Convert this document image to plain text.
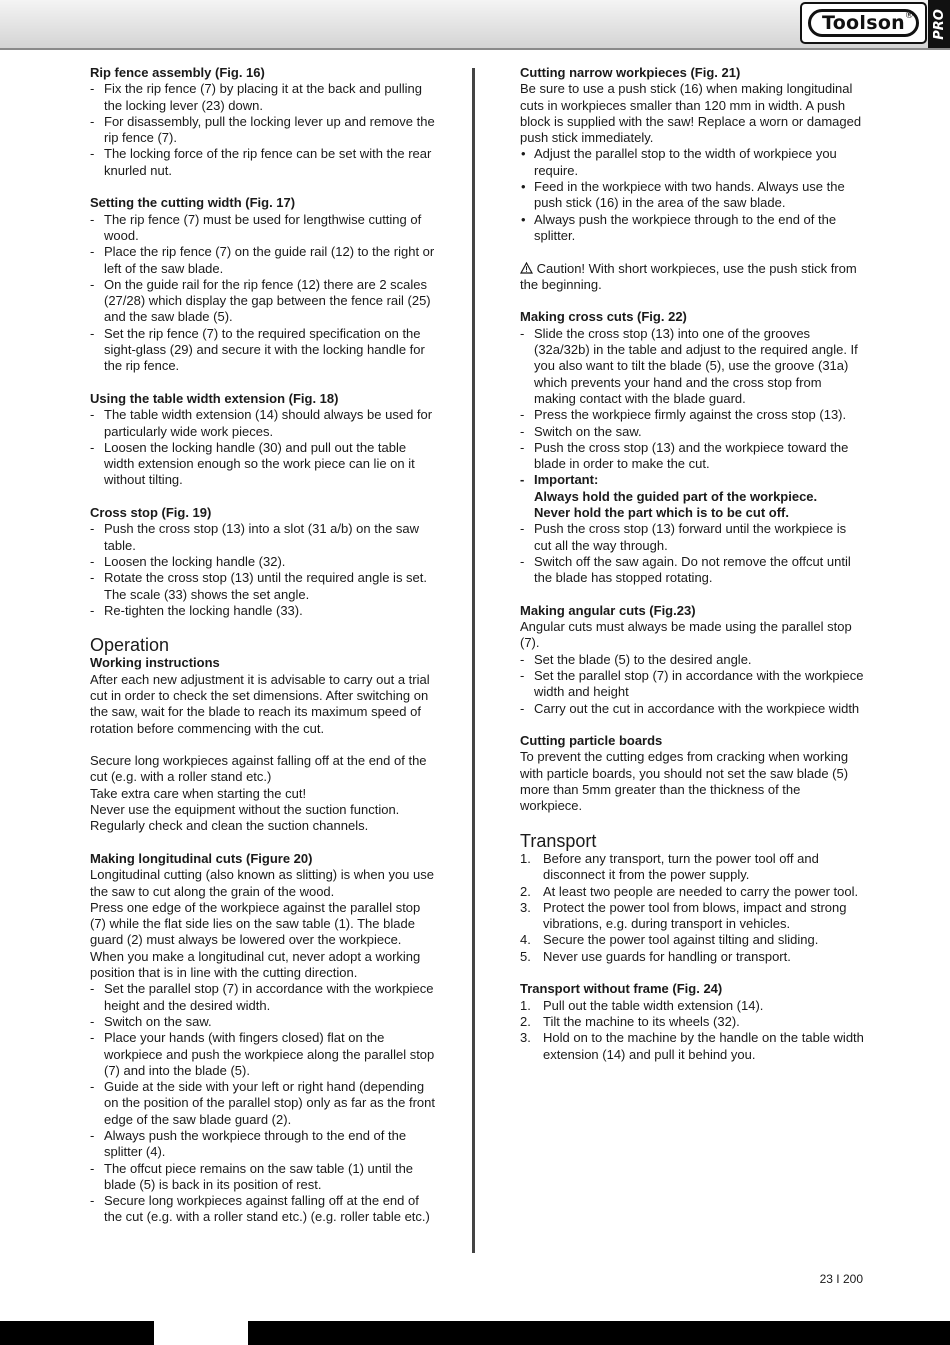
Toolson ® PRO
Rip fence assembly (Fig. 16)
- Fix the rip fence (7) by placing it at the back and pulling the locking lever (23) down.
- For disassembly, pull the locking lever up and remove the rip fence (7).
- The locking force of the rip fence can be set with the rear knurled nut.
Setting the cutting width (Fig. 17)
- The rip fence (7) must be used for lengthwise cutting of wood.
- Place the rip fence (7) on the guide rail (12) to the right or left of the saw blade.
- On the guide rail for the rip fence (12) there are 2 scales (27/28) which display the gap between the fence rail (25) and the saw blade (5).
- Set the rip fence (7) to the required specification on the sight-glass (29) and secure it with the locking handle for the rip fence.
Using the table width extension (Fig. 18)
- The table width extension (14) should always be used for particularly wide work pieces.
- Loosen the locking handle (30) and pull out the table width extension enough so the work piece can lie on it without tilting.
Cross stop (Fig. 19)
- Push the cross stop (13) into a slot (31 a/b) on the saw table.
- Loosen the locking handle (32).
- Rotate the cross stop (13) until the required angle is set. The scale (33) shows the set angle.
- Re-tighten the locking handle (33).
Operation
Working instructions

After each new adjustment it is advisable to carry out a trial cut in order to check the set dimensions. After switching on the saw, wait for the blade to reach its maximum speed of rotation before commencing with the cut.

Secure long workpieces against falling off at the end of the cut (e.g. with a roller stand etc.)

Take extra care when starting the cut!

Never use the equipment without the suction function.

Regularly check and clean the suction channels.

Making longitudinal cuts (Figure 20)

Longitudinal cutting (also known as slitting) is when you use the saw to cut along the grain of the wood.

Press one edge of the workpiece against the parallel stop (7) while the flat side lies on the saw table (1). The blade guard (2) must always be lowered over the workpiece.

When you make a longitudinal cut, never adopt a working position that is in line with the cutting direction.

- Set the parallel stop (7) in accordance with the workpiece height and the desired width.
- Switch on the saw.
- Place your hands (with fingers closed) flat on the workpiece and push the workpiece along the parallel stop (7) and into the blade (5).
- Guide at the side with your left or right hand (depending on the position of the parallel stop) only as far as the front edge of the saw blade guard (2).
- Always push the workpiece through to the end of the splitter (4).
- The offcut piece remains on the saw table (1) until the blade (5) is back in its position of rest.
- Secure long workpieces against falling off at the end of the cut (e.g. with a roller stand etc.) (e.g. roller table etc.)
Cutting narrow workpieces (Fig. 21)

Be sure to use a push stick (16) when making longitudinal cuts in workpieces smaller than 120 mm in width. A push block is supplied with the saw! Replace a worn or damaged push stick immediately.

• Adjust the parallel stop to the width of workpiece you require.
• Feed in the workpiece with two hands. Always use the push stick (16) in the area of the saw blade.
• Always push the workpiece through to the end of the splitter.

Caution! With short workpieces, use the push stick from the beginning.

Making cross cuts (Fig. 22)
- Slide the cross stop (13) into one of the grooves (32a/32b) in the table and adjust to the required angle. If you also want to tilt the blade (5), use the groove (31a) which prevents your hand and the cross stop from making contact with the blade guard.
- Press the workpiece firmly against the cross stop (13).
- Switch on the saw.
- Push the cross stop (13) and the workpiece toward the blade in order to make the cut.
- Important:
Always hold the guided part of the workpiece.
Never hold the part which is to be cut off.
- Push the cross stop (13) forward until the workpiece is cut all the way through.
- Switch off the saw again. Do not remove the offcut until the blade has stopped rotating.
Making angular cuts (Fig.23)

Angular cuts must always be made using the parallel stop (7).

- Set the blade (5) to the desired angle.
- Set the parallel stop (7) in accordance with the workpiece width and height
- Carry out the cut in accordance with the workpiece width
Cutting particle boards

To prevent the cutting edges from cracking when working with particle boards, you should not set the saw blade (5) more than 5mm greater than the thickness of the workpiece.

Transport
1. Before any transport, turn the power tool off and disconnect it from the power supply.
2. At least two people are needed to carry the power tool.
3. Protect the power tool from blows, impact and strong vibrations, e.g. during transport in vehicles.
4. Secure the power tool against tilting and sliding.
5. Never use guards for handling or transport.
Transport without frame (Fig. 24)
1. Pull out the table width extension (14).
2. Tilt the machine to its wheels (32).
3. Hold on to the machine by the handle on the table width extension (14) and pull it behind you.
23 I 200
